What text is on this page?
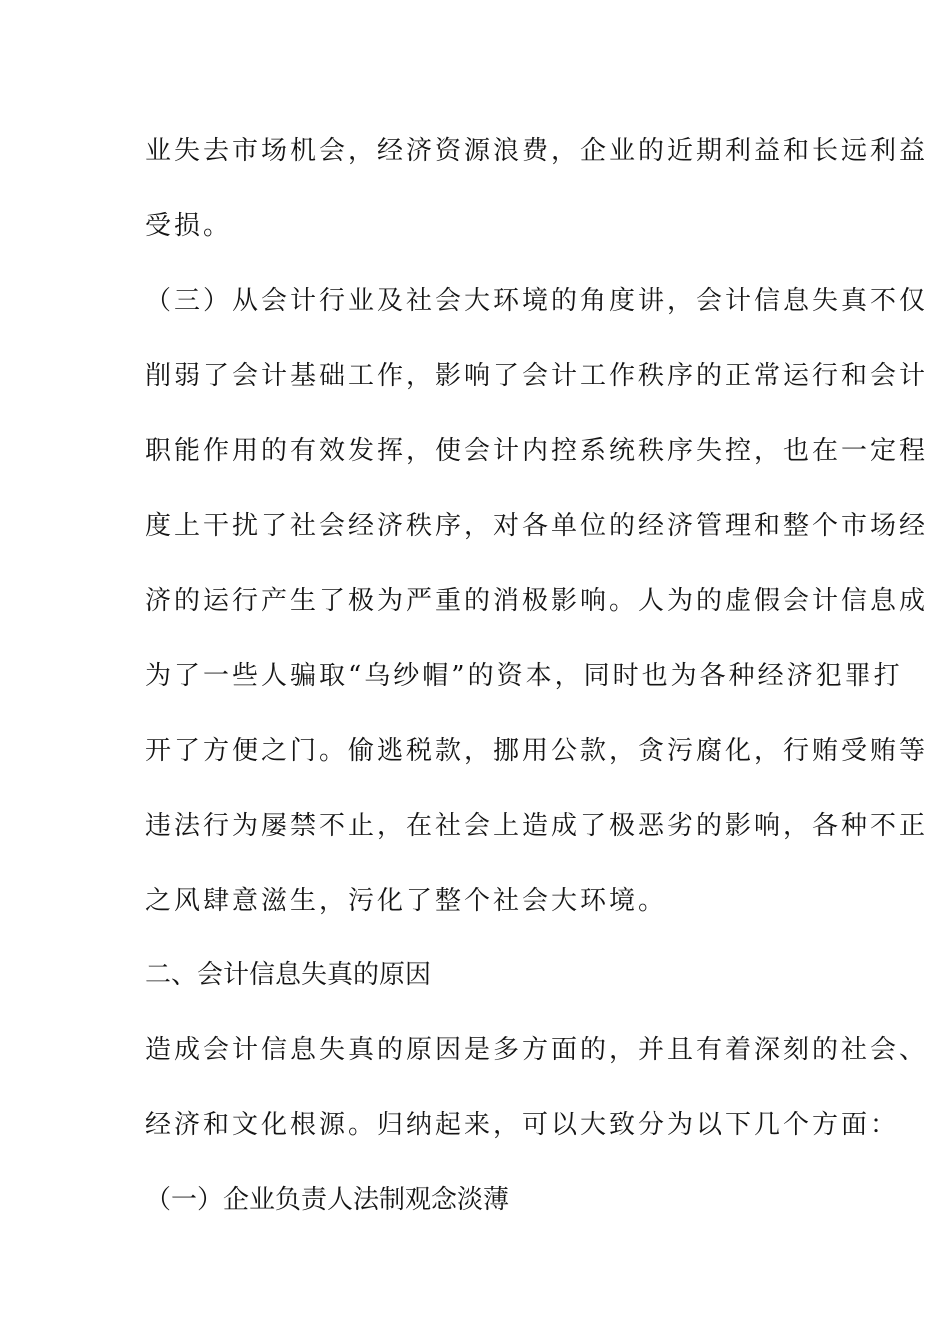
业失去市场机会，经济资源浪费，企业的近期利益和长远利益
受损。
（三）从会计行业及社会大环境的角度讲，会计信息失真不仅
削弱了会计基础工作，影响了会计工作秩序的正常运行和会计
职能作用的有效发挥，使会计内控系统秩序失控，也在一定程
度上干扰了社会经济秩序，对各单位的经济管理和整个市场经
济的运行产生了极为严重的消极影响。人为的虚假会计信息成
为了一些人骗取“乌纱帽”的资本，同时也为各种经济犯罪打
开了方便之门。偷逃税款，挪用公款，贪污腐化，行贿受贿等
违法行为屡禁不止，在社会上造成了极恶劣的影响，各种不正
之风肆意滋生，污化了整个社会大环境。
二、会计信息失真的原因
造成会计信息失真的原因是多方面的，并且有着深刻的社会、
经济和文化根源。归纳起来，可以大致分为以下几个方面：
（一）企业负责人法制观念淡薄
